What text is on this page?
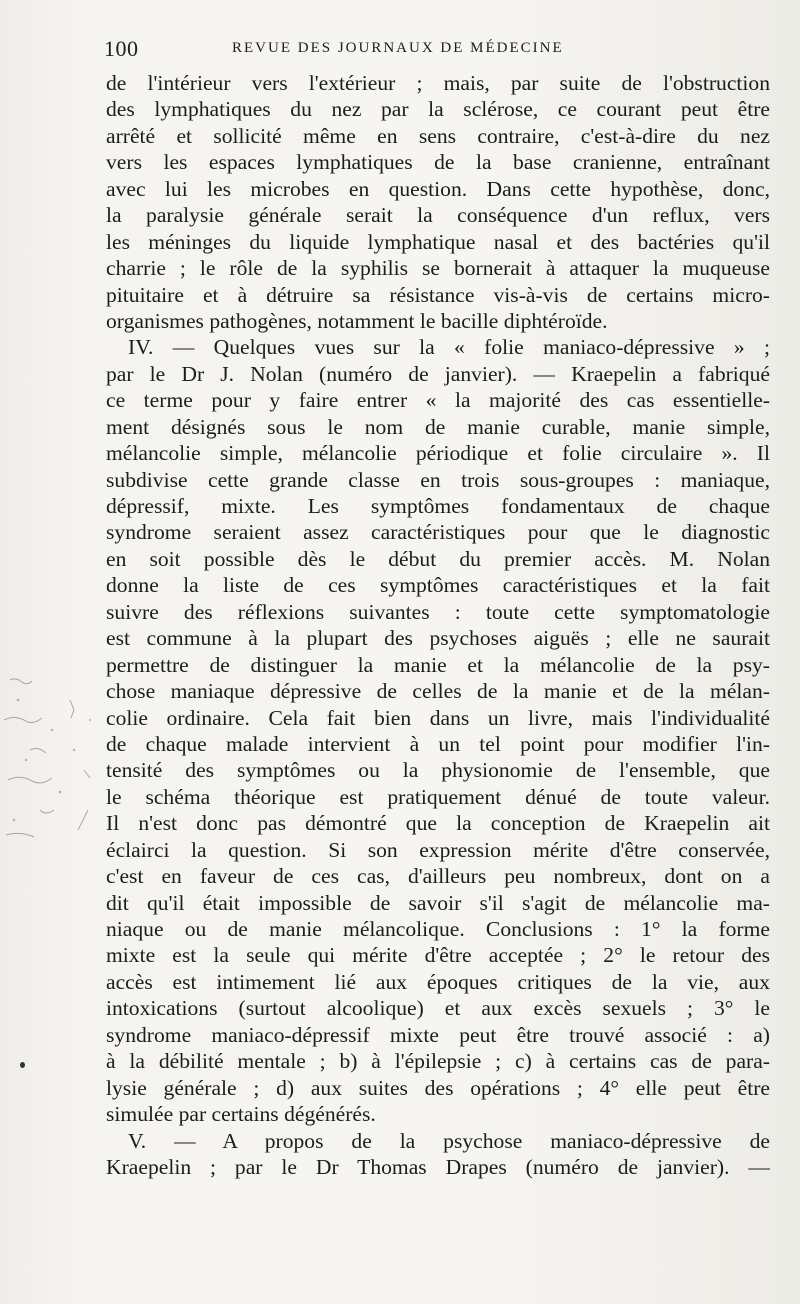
100	REVUE DES JOURNAUX DE MÉDECINE
de l'intérieur vers l'extérieur ; mais, par suite de l'obstruction
des lymphatiques du nez par la sclérose, ce courant peut être
arrêté et sollicité même en sens contraire, c'est-à-dire du nez
vers les espaces lymphatiques de la base cranienne, entraînant
avec lui les microbes en question. Dans cette hypothèse, donc,
la paralysie générale serait la conséquence d'un reflux, vers
les méninges du liquide lymphatique nasal et des bactéries qu'il
charrie ; le rôle de la syphilis se bornerait à attaquer la muqueuse
pituitaire et à détruire sa résistance vis-à-vis de certains micro-
organismes pathogènes, notamment le bacille diphtéroïde.
IV. — Quelques vues sur la « folie maniaco-dépressive » ;
par le Dr J. Nolan (numéro de janvier). — Kraepelin a fabriqué
ce terme pour y faire entrer « la majorité des cas essentielle-
ment désignés sous le nom de manie curable, manie simple,
mélancolie simple, mélancolie périodique et folie circulaire ». Il
subdivise cette grande classe en trois sous-groupes : maniaque,
dépressif, mixte. Les symptômes fondamentaux de chaque
syndrome seraient assez caractéristiques pour que le diagnostic
en soit possible dès le début du premier accès. M. Nolan
donne la liste de ces symptômes caractéristiques et la fait
suivre des réflexions suivantes : toute cette symptomatologie
est commune à la plupart des psychoses aiguës ; elle ne saurait
permettre de distinguer la manie et la mélancolie de la psy-
chose maniaque dépressive de celles de la manie et de la mélan-
colie ordinaire. Cela fait bien dans un livre, mais l'individualité
de chaque malade intervient à un tel point pour modifier l'in-
tensité des symptômes ou la physionomie de l'ensemble, que
le schéma théorique est pratiquement dénué de toute valeur.
Il n'est donc pas démontré que la conception de Kraepelin ait
éclairci la question. Si son expression mérite d'être conservée,
c'est en faveur de ces cas, d'ailleurs peu nombreux, dont on a
dit qu'il était impossible de savoir s'il s'agit de mélancolie ma-
niaque ou de manie mélancolique. Conclusions : 1° la forme
mixte est la seule qui mérite d'être acceptée ; 2° le retour des
accès est intimement lié aux époques critiques de la vie, aux
intoxications (surtout alcoolique) et aux excès sexuels ; 3° le
syndrome maniaco-dépressif mixte peut être trouvé associé : a)
à la débilité mentale ; b) à l'épilepsie ; c) à certains cas de para-
lysie générale ; d) aux suites des opérations ; 4° elle peut être
simulée par certains dégénérés.
V. — A propos de la psychose maniaco-dépressive de
Kraepelin ; par le Dr Thomas Drapes (numéro de janvier). —
